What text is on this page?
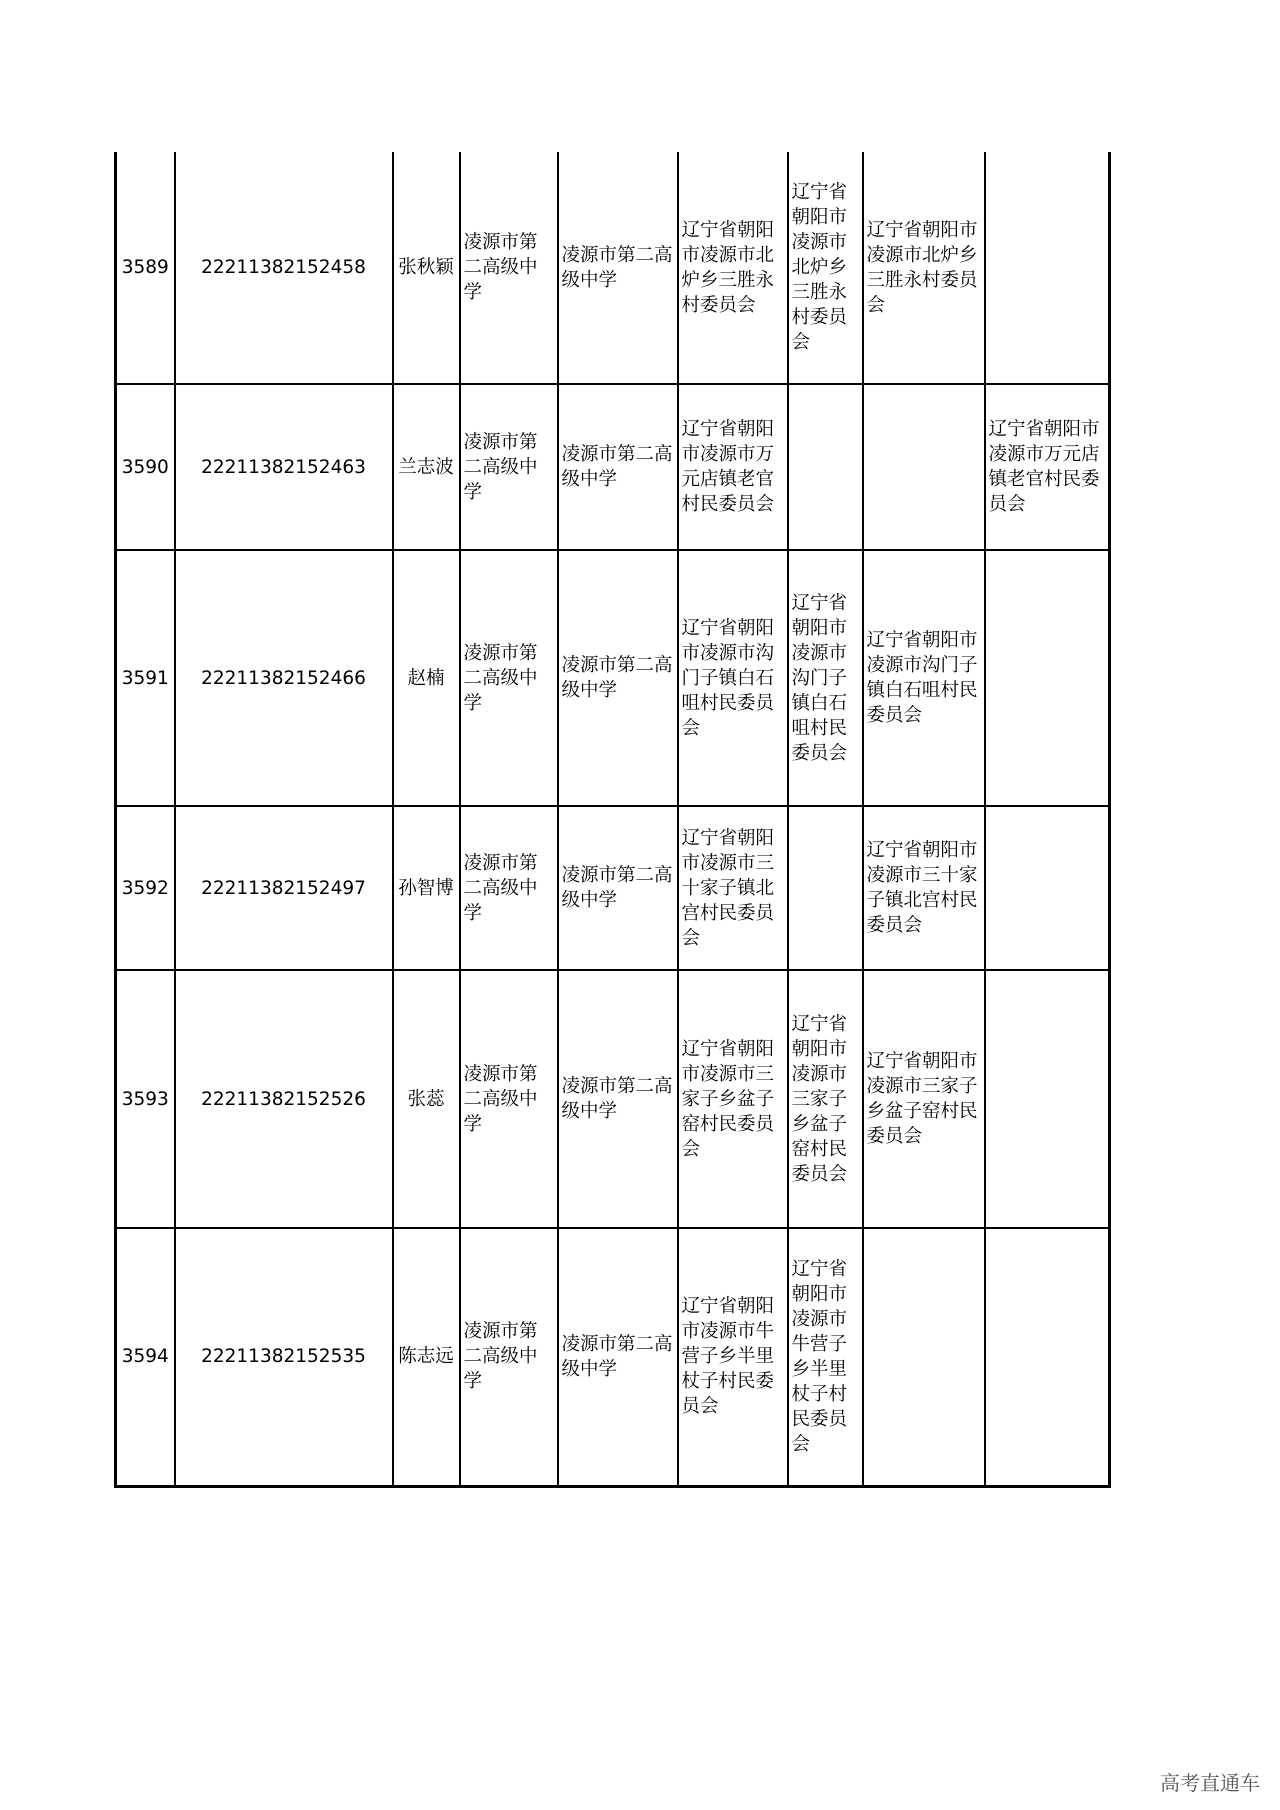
3589	22211382152458	张秋颖	凌源市第二高级中学	凌源市第二高级中学	辽宁省朝阳市凌源市北炉乡三胜永村委员会	辽宁省朝阳市凌源市北炉乡三胜永村委员会	辽宁省朝阳市凌源市北炉乡三胜永村委员会	
3590	22211382152463	兰志波	凌源市第二高级中学	凌源市第二高级中学	辽宁省朝阳市凌源市万元店镇老官村民委员会			辽宁省朝阳市凌源市万元店镇老官村民委员会
3591	22211382152466	赵楠	凌源市第二高级中学	凌源市第二高级中学	辽宁省朝阳市凌源市沟门子镇白石咀村民委员会	辽宁省朝阳市凌源市沟门子镇白石咀村民委员会	辽宁省朝阳市凌源市沟门子镇白石咀村民委员会	
3592	22211382152497	孙智博	凌源市第二高级中学	凌源市第二高级中学	辽宁省朝阳市凌源市三十家子镇北宫村民委员会		辽宁省朝阳市凌源市三十家子镇北宫村民委员会	
3593	22211382152526	张蕊	凌源市第二高级中学	凌源市第二高级中学	辽宁省朝阳市凌源市三家子乡盆子窑村民委员会	辽宁省朝阳市凌源市三家子乡盆子窑村民委员会	辽宁省朝阳市凌源市三家子乡盆子窑村民委员会	
3594	22211382152535	陈志远	凌源市第二高级中学	凌源市第二高级中学	辽宁省朝阳市凌源市牛营子乡半里杖子村民委员会	辽宁省朝阳市凌源市牛营子乡半里杖子村民委员会		
高考直通车
